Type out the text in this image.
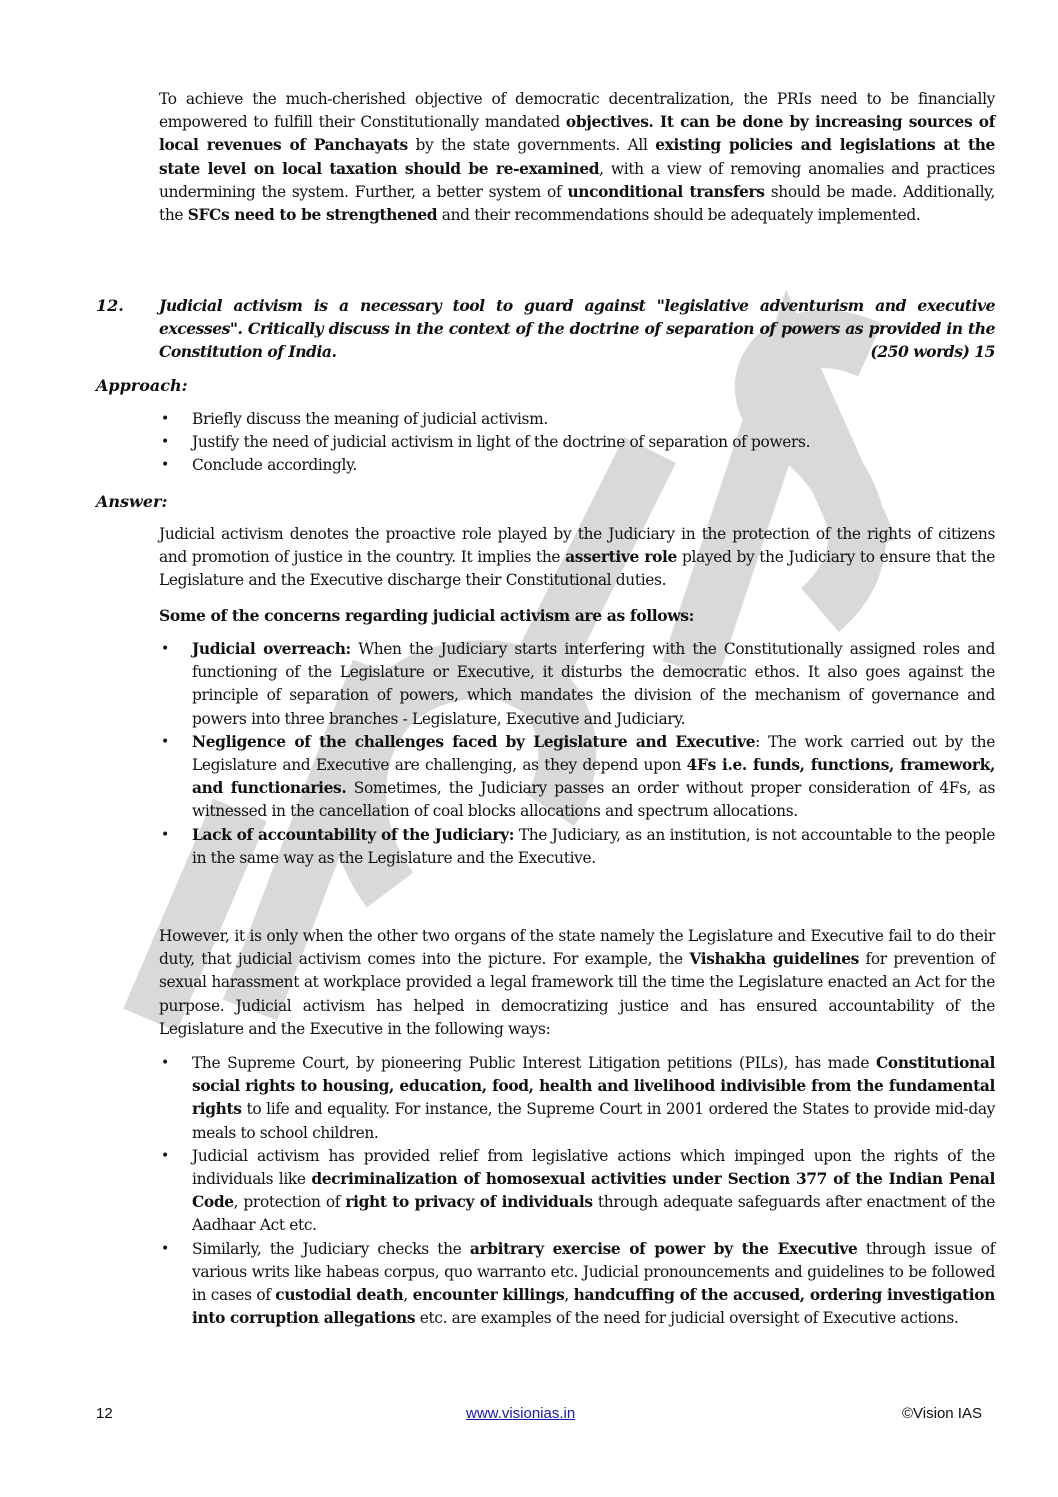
To achieve the much-cherished objective of democratic decentralization, the PRIs need to be financially empowered to fulfill their Constitutionally mandated objectives. It can be done by increasing sources of local revenues of Panchayats by the state governments. All existing policies and legislations at the state level on local taxation should be re-examined, with a view of removing anomalies and practices undermining the system. Further, a better system of unconditional transfers should be made. Additionally, the SFCs need to be strengthened and their recommendations should be adequately implemented.

12. Judicial activism is a necessary tool to guard against "legislative adventurism and executive excesses". Critically discuss in the context of the doctrine of separation of powers as provided in the Constitution of India.	(250 words) 15
Approach:
• Briefly discuss the meaning of judicial activism.
• Justify the need of judicial activism in light of the doctrine of separation of powers.
• Conclude accordingly.
Answer:

Judicial activism denotes the proactive role played by the Judiciary in the protection of the rights of citizens and promotion of justice in the country. It implies the assertive role played by the Judiciary to ensure that the Legislature and the Executive discharge their Constitutional duties.

Some of the concerns regarding judicial activism are as follows:
• Judicial overreach: When the Judiciary starts interfering with the Constitutionally assigned roles and functioning of the Legislature or Executive, it disturbs the democratic ethos. It also goes against the principle of separation of powers, which mandates the division of the mechanism of governance and powers into three branches - Legislature, Executive and Judiciary.
• Negligence of the challenges faced by Legislature and Executive: The work carried out by the Legislature and Executive are challenging, as they depend upon 4Fs i.e. funds, functions, framework, and functionaries. Sometimes, the Judiciary passes an order without proper consideration of 4Fs, as witnessed in the cancellation of coal blocks allocations and spectrum allocations.
• Lack of accountability of the Judiciary: The Judiciary, as an institution, is not accountable to the people in the same way as the Legislature and the Executive.

However, it is only when the other two organs of the state namely the Legislature and Executive fail to do their duty, that judicial activism comes into the picture. For example, the Vishakha guidelines for prevention of sexual harassment at workplace provided a legal framework till the time the Legislature enacted an Act for the purpose. Judicial activism has helped in democratizing justice and has ensured accountability of the Legislature and the Executive in the following ways:

• The Supreme Court, by pioneering Public Interest Litigation petitions (PILs), has made Constitutional social rights to housing, education, food, health and livelihood indivisible from the fundamental rights to life and equality. For instance, the Supreme Court in 2001 ordered the States to provide mid-day meals to school children.
• Judicial activism has provided relief from legislative actions which impinged upon the rights of the individuals like decriminalization of homosexual activities under Section 377 of the Indian Penal Code, protection of right to privacy of individuals through adequate safeguards after enactment of the Aadhaar Act etc.
• Similarly, the Judiciary checks the arbitrary exercise of power by the Executive through issue of various writs like habeas corpus, quo warranto etc. Judicial pronouncements and guidelines to be followed in cases of custodial death, encounter killings, handcuffing of the accused, ordering investigation into corruption allegations etc. are examples of the need for judicial oversight of Executive actions.
12	www.visionias.in	©Vision IAS
